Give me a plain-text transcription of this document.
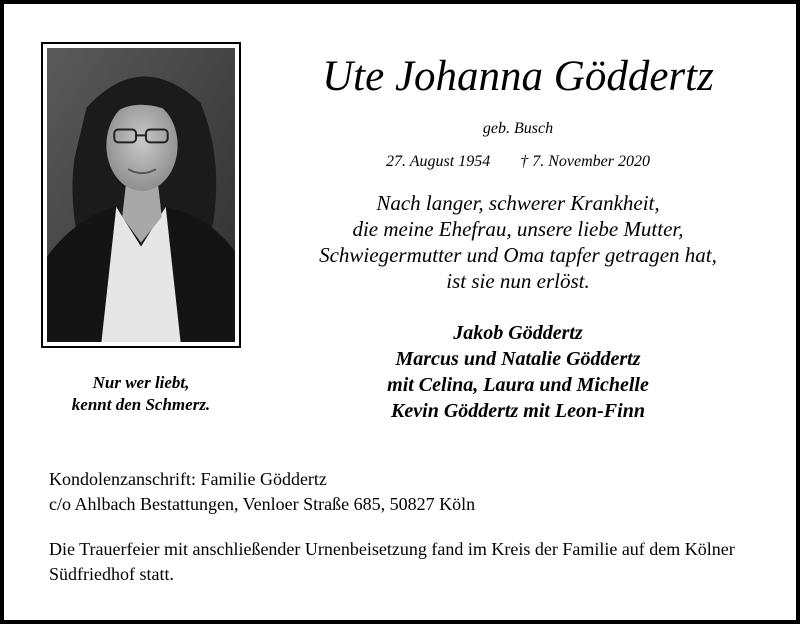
Nur wer liebt,
kennt den Schmerz.
Ute Johanna Göddertz
geb. Busch
27. August 1954 † 7. November 2020
Nach langer, schwerer Krankheit,
die meine Ehefrau, unsere liebe Mutter,
Schwiegermutter und Oma tapfer getragen hat,
ist sie nun erlöst.
Jakob Göddertz
Marcus und Natalie Göddertz
mit Celina, Laura und Michelle
Kevin Göddertz mit Leon-Finn
Kondolenzanschrift: Familie Göddertz
c/o Ahlbach Bestattungen, Venloer Straße 685, 50827 Köln
Die Trauerfeier mit anschließender Urnenbeisetzung fand im Kreis der Familie auf dem Kölner Südfriedhof statt.
